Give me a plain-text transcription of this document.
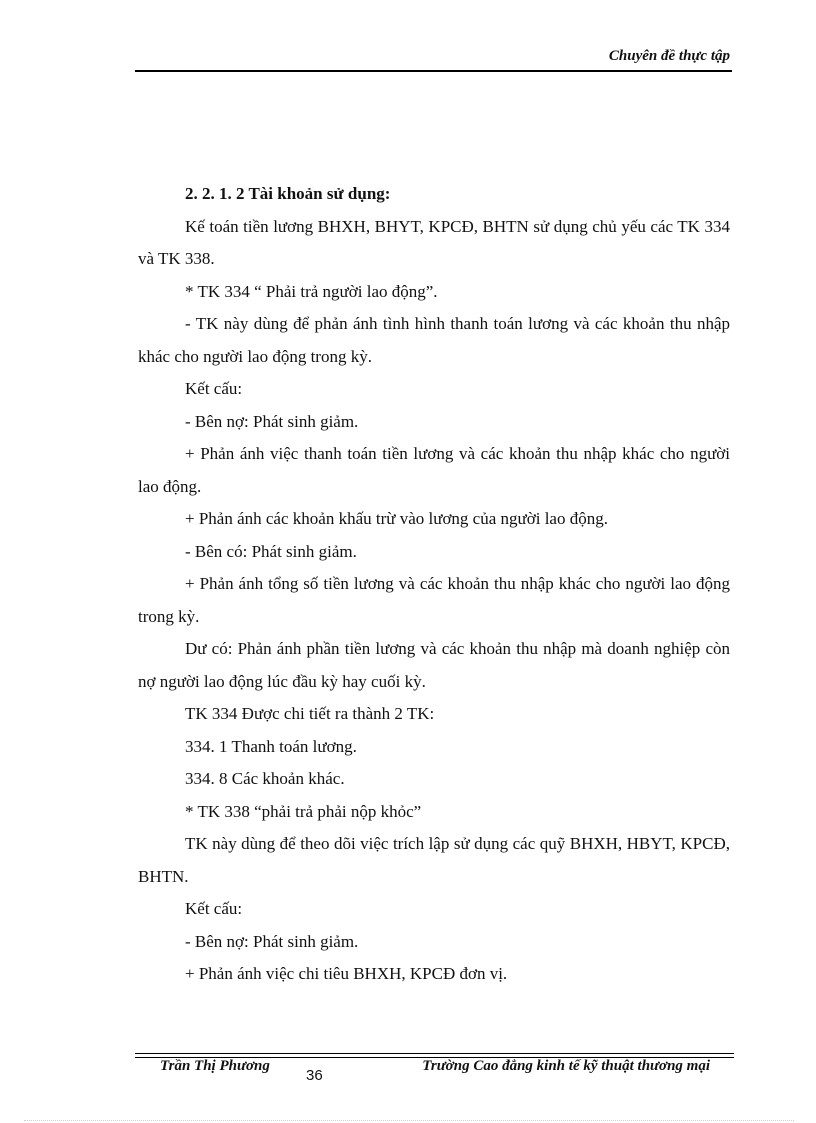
Chuyên đề thực tập

2. 2. 1. 2 Tài khoản sử dụng:

Kế toán tiền lương BHXH, BHYT, KPCĐ, BHTN sử dụng chủ yếu các TK 334 và TK 338.

* TK 334 “ Phải trả người lao động”.

- TK này dùng để phản ánh tình hình thanh toán lương và các khoản thu nhập khác cho người lao động trong kỳ.

Kết cấu:

- Bên nợ: Phát sinh giảm.

+ Phản ánh việc thanh toán tiền lương và các khoản thu nhập khác cho người lao động.

+ Phản ánh các khoản khấu trừ vào lương của người lao động.

- Bên có: Phát sinh giảm.

+ Phản ánh tổng số tiền lương và các khoản thu nhập khác cho người lao động trong kỳ.

Dư có: Phản ánh phần tiền lương và các khoản thu nhập mà doanh nghiệp còn nợ người lao động lúc đầu kỳ hay cuối kỳ.

TK 334 Được chi tiết ra thành 2 TK:

334. 1 Thanh toán lương.

334. 8 Các khoản khác.

* TK 338 “phải trả phải nộp khỏc”

TK này dùng để theo dõi việc trích lập sử dụng các quỹ BHXH, HBYT, KPCĐ, BHTN.

Kết cấu:

- Bên nợ: Phát sinh giảm.

+ Phản ánh việc chi tiêu BHXH, KPCĐ đơn vị.

Trần Thị Phương
36
Trường Cao đẳng kinh tế kỹ thuật thương mại
